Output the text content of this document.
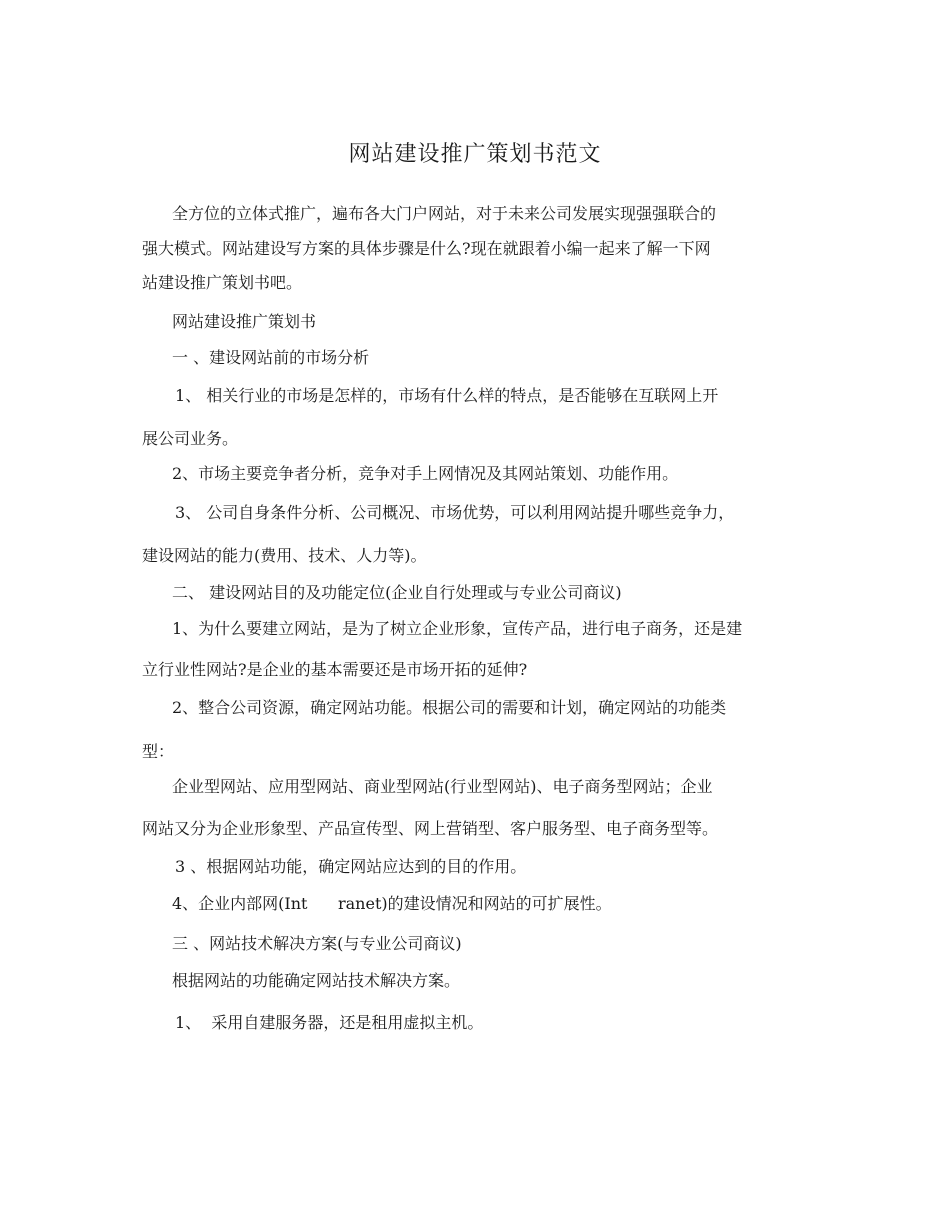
网站建设推广策划书范文
全方位的立体式推广，遍布各大门户网站，对于未来公司发展实现强强联合的
强大模式。网站建设写方案的具体步骤是什么?现在就跟着小编一起来了解一下网
站建设推广策划书吧。
网站建设推广策划书
一 、建设网站前的市场分析
1、 相关行业的市场是怎样的，市场有什么样的特点，是否能够在互联网上开
展公司业务。
2、市场主要竞争者分析，竞争对手上网情况及其网站策划、功能作用。
3、 公司自身条件分析、公司概况、市场优势，可以利用网站提升哪些竞争力，
建设网站的能力(费用、技术、人力等)。
二、 建设网站目的及功能定位(企业自行处理或与专业公司商议)
1、为什么要建立网站，是为了树立企业形象，宣传产品，进行电子商务，还是建
立行业性网站?是企业的基本需要还是市场开拓的延伸?
2、整合公司资源，确定网站功能。根据公司的需要和计划，确定网站的功能类
型：
企业型网站、应用型网站、商业型网站(行业型网站)、电子商务型网站；企业
网站又分为企业形象型、产品宣传型、网上营销型、客户服务型、电子商务型等。
3 、根据网站功能，确定网站应达到的目的作用。
4、企业内部网(Int      ranet)的建设情况和网站的可扩展性。
三 、网站技术解决方案(与专业公司商议)
根据网站的功能确定网站技术解决方案。
1、  采用自建服务器，还是租用虚拟主机。
